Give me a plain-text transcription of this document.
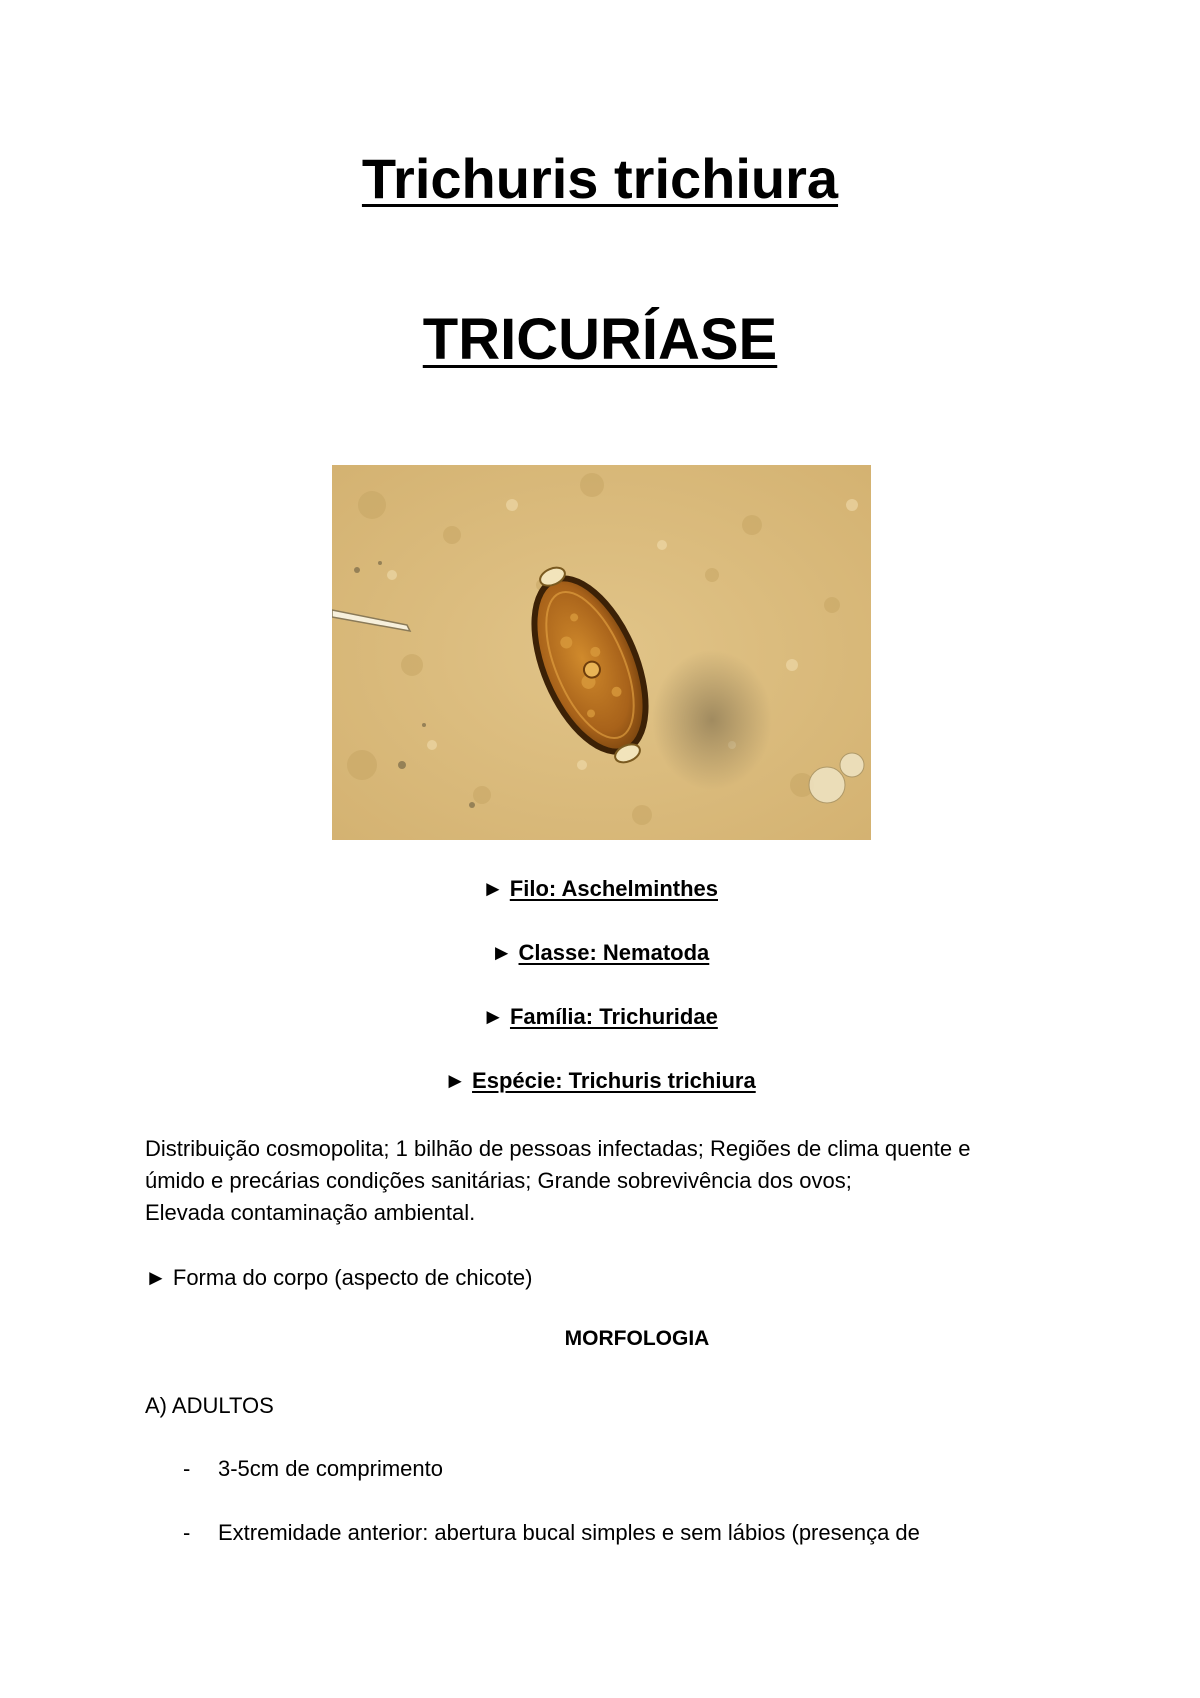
Trichuris trichiura
TRICURÍASE
► Filo: Aschelminthes
► Classe: Nematoda
► Família: Trichuridae
► Espécie: Trichuris trichiura
Distribuição cosmopolita; 1 bilhão de pessoas infectadas; Regiões de clima quente e
úmido e precárias condições sanitárias; Grande sobrevivência dos ovos;
Elevada contaminação ambiental.
► Forma do corpo (aspecto de chicote)
MORFOLOGIA
A) ADULTOS
- 3-5cm de comprimento
- Extremidade anterior: abertura bucal simples e sem lábios (presença de
